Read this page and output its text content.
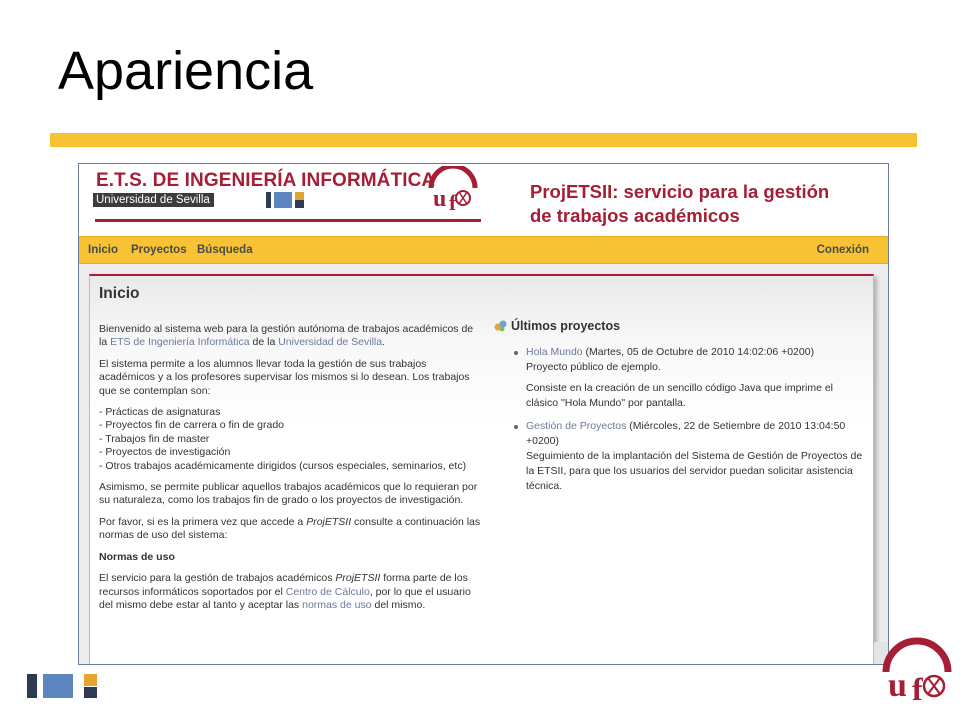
Apariencia
E.T.S. DE INGENIERÍA INFORMÁTICA
Universidad de Sevilla	u f	ProjETSII: servicio para la gestión
de trabajos académicos
Inicio Proyectos Búsqueda	Conexión
Inicio

Bienvenido al sistema web para la gestión autónoma de trabajos académicos de la ETS de Ingeniería Informática de la Universidad de Sevilla.

El sistema permite a los alumnos llevar toda la gestión de sus trabajos académicos y a los profesores supervisar los mismos si lo desean. Los trabajos que se contemplan son:

- Prácticas de asignaturas
- Proyectos fin de carrera o fin de grado
- Trabajos fin de master
- Proyectos de investigación
- Otros trabajos académicamente dirigidos (cursos especiales, seminarios, etc)

Asimismo, se permite publicar aquellos trabajos académicos que lo requieran por su naturaleza, como los trabajos fin de grado o los proyectos de investigación.

Por favor, si es la primera vez que accede a ProjETSII consulte a continuación las normas de uso del sistema:

Normas de uso

El servicio para la gestión de trabajos académicos ProjETSII forma parte de los recursos informáticos soportados por el Centro de Cálculo, por lo que el usuario del mismo debe estar al tanto y aceptar las normas de uso del mismo.

Últimos proyectos

Hola Mundo (Martes, 05 de Octubre de 2010 14:02:06 +0200)
Proyecto público de ejemplo.

Consiste en la creación de un sencillo código Java que imprime el clásico "Hola Mundo" por pantalla.

Gestión de Proyectos (Miércoles, 22 de Setiembre de 2010 13:04:50 +0200)
Seguimiento de la implantación del Sistema de Gestión de Proyectos de la ETSII, para que los usuarios del servidor puedan solicitar asistencia técnica.

u f
